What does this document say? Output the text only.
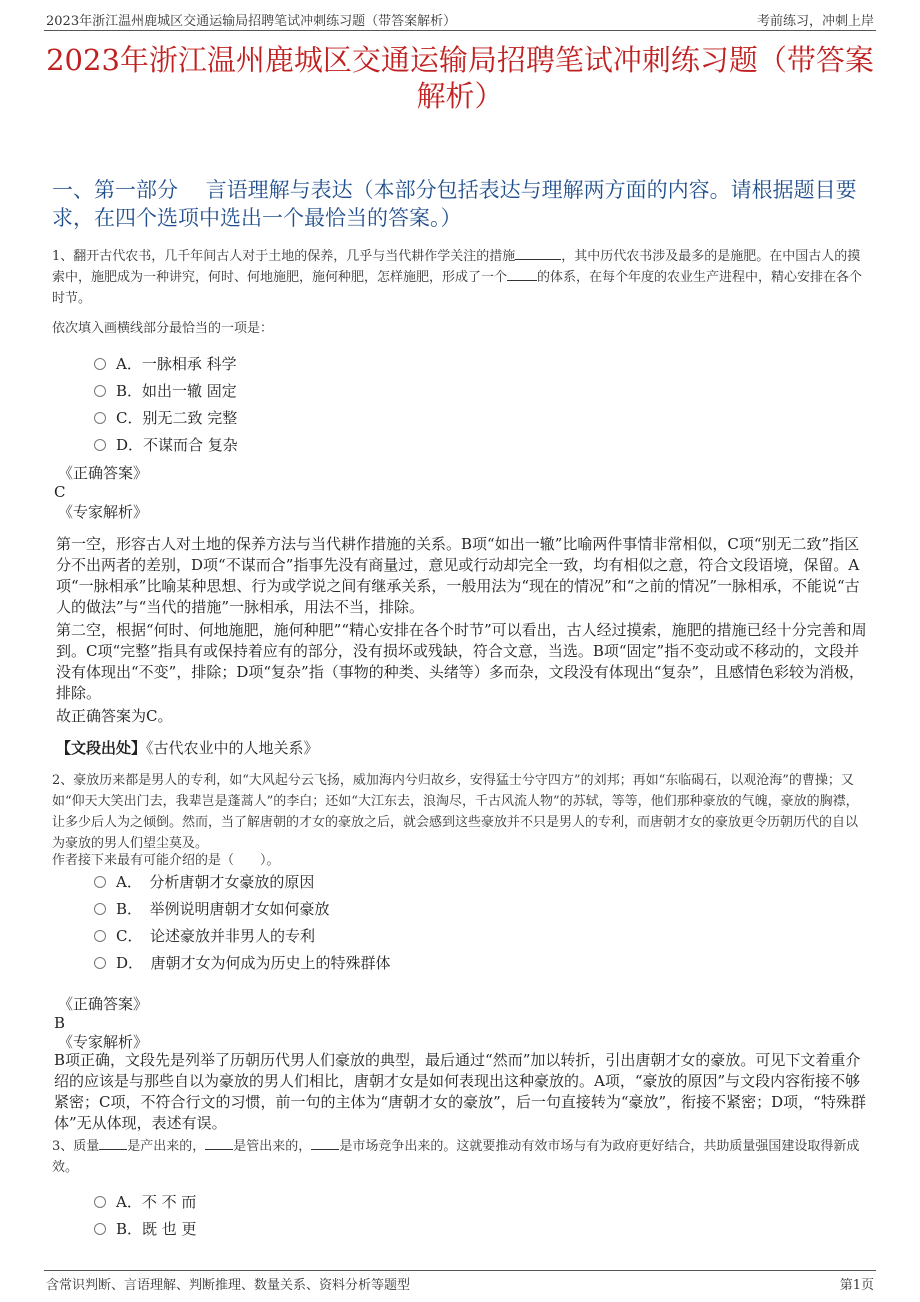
2023年浙江温州鹿城区交通运输局招聘笔试冲刺练习题（带答案解析）	考前练习，冲刺上岸
2023年浙江温州鹿城区交通运输局招聘笔试冲刺练习题（带答案解析）
一、第一部分　 言语理解与表达（本部分包括表达与理解两方面的内容。请根据题目要求，在四个选项中选出一个最恰当的答案。）
1、翻开古代农书，几千年间古人对于土地的保养，几乎与当代耕作学关注的措施	，其中历代农书涉及最多的是施肥。在中国古人的摸索中，施肥成为一种讲究，何时、何地施肥，施何种肥，怎样施肥，形成了一个 的体系，在每个年度的农业生产进程中，精心安排在各个时节。
依次填入画横线部分最恰当的一项是：
A．一脉相承 科学
B．如出一辙 固定
C．别无二致 完整
D．不谋而合 复杂
《正确答案》
C
《专家解析》
第一空，形容古人对土地的保养方法与当代耕作措施的关系。B项“如出一辙”比喻两件事情非常相似，C项“别无二致”指区分不出两者的差别，D项“不谋而合”指事先没有商量过，意见或行动却完全一致，均有相似之意，符合文段语境，保留。A项“一脉相承”比喻某种思想、行为或学说之间有继承关系，一般用法为“现在的情况”和“之前的情况”一脉相承，不能说“古人的做法”与“当代的措施”一脉相承，用法不当，排除。
第二空，根据“何时、何地施肥，施何种肥”“精心安排在各个时节”可以看出，古人经过摸索，施肥的措施已经十分完善和周到。C项“完整”指具有或保持着应有的部分，没有损坏或残缺，符合文意，当选。B项“固定”指不变动或不移动的，文段并没有体现出“不变”，排除；D项“复杂”指（事物的种类、头绪等）多而杂，文段没有体现出“复杂”，且感情色彩较为消极，排除。
故正确答案为C。
【文段出处】《古代农业中的人地关系》
2、豪放历来都是男人的专利，如“大风起兮云飞扬，威加海内兮归故乡，安得猛士兮守四方”的刘邦；再如“东临碣石，以观沧海”的曹操；又如“仰天大笑出门去，我辈岂是蓬蒿人”的李白；还如“大江东去，浪淘尽，千古风流人物”的苏轼，等等，他们那种豪放的气魄，豪放的胸襟，让多少后人为之倾倒。然而，当了解唐朝的才女的豪放之后，就会感到这些豪放并不只是男人的专利，而唐朝才女的豪放更令历朝历代的自以为豪放的男人们望尘莫及。
作者接下来最有可能介绍的是（　　）。
A．　分析唐朝才女豪放的原因
B．　举例说明唐朝才女如何豪放
C．　论述豪放并非男人的专利
D．　唐朝才女为何成为历史上的特殊群体
《正确答案》
B
《专家解析》
B项正确，文段先是列举了历朝历代男人们豪放的典型，最后通过“然而”加以转折，引出唐朝才女的豪放。可见下文着重介绍的应该是与那些自以为豪放的男人们相比，唐朝才女是如何表现出这种豪放的。A项，“豪放的原因”与文段内容衔接不够紧密；C项，不符合行文的习惯，前一句的主体为“唐朝才女的豪放”，后一句直接转为“豪放”，衔接不紧密；D项，“特殊群体”无从体现，表述有误。
3、质量 是产出来的， 是管出来的， 是市场竞争出来的。这就要推动有效市场与有为政府更好结合，共助质量强国建设取得新成效。
A．不 不 而
B．既 也 更
含常识判断、言语理解、判断推理、数量关系、资料分析等题型	第1页
